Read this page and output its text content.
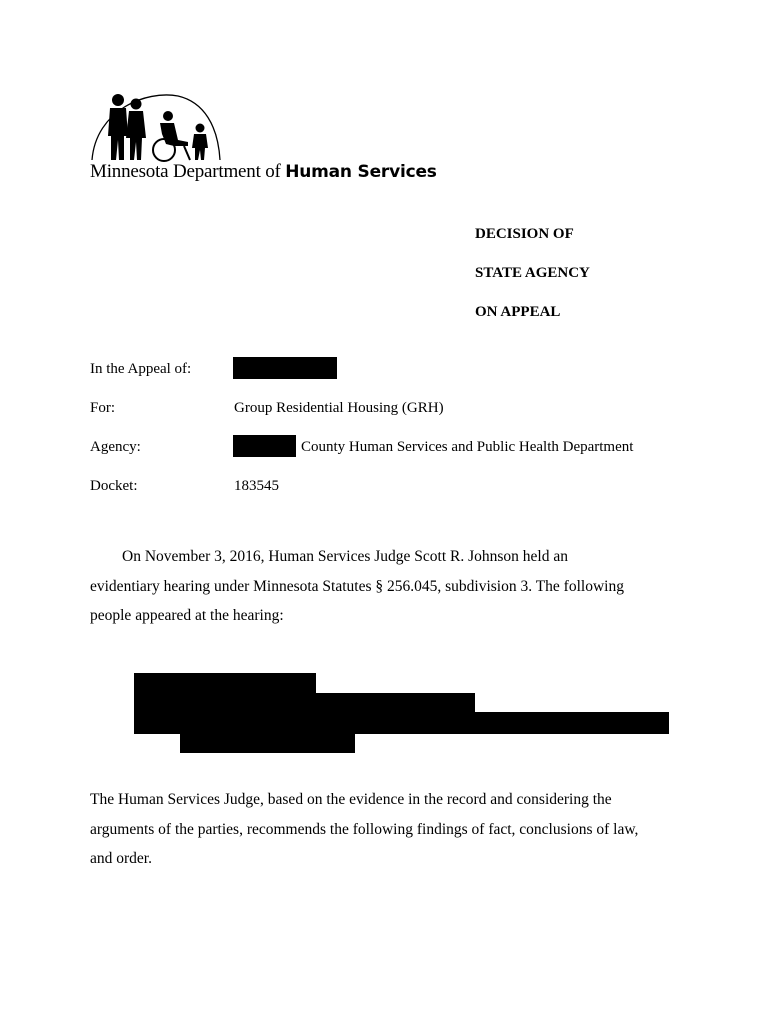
Minnesota Department of Human Services
DECISION OF
STATE AGENCY
ON APPEAL
In the Appeal of:
For:	Group Residential Housing (GRH)
Agency:	County Human Services and Public Health Department
Docket:	183545
On November 3, 2016, Human Services Judge Scott R. Johnson held an
evidentiary hearing under Minnesota Statutes § 256.045, subdivision 3. The following
people appeared at the hearing:
The Human Services Judge, based on the evidence in the record and considering the
arguments of the parties, recommends the following findings of fact, conclusions of law,
and order.
